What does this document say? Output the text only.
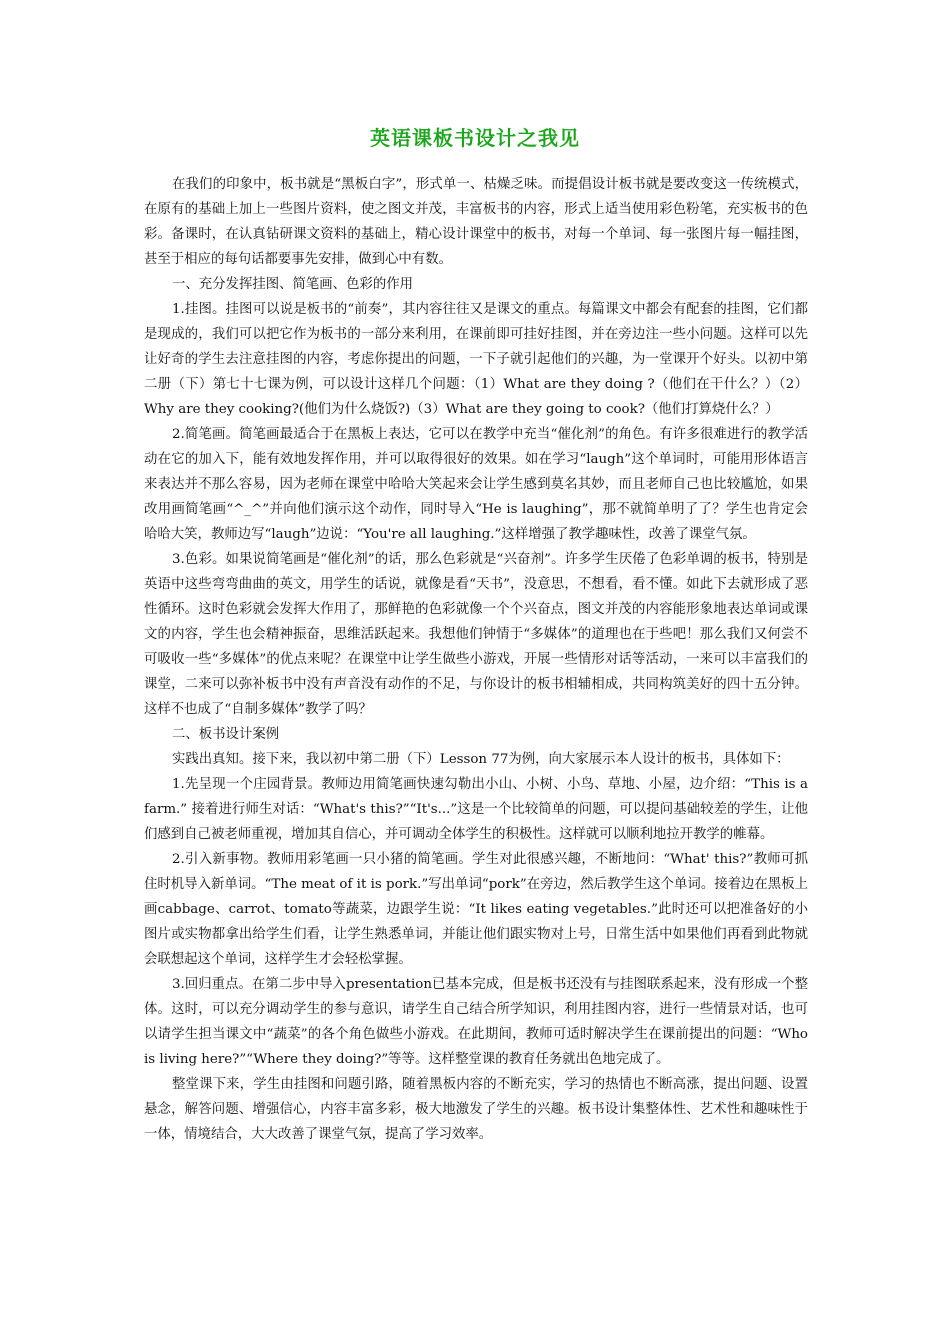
英语课板书设计之我见

在我们的印象中，板书就是“黑板白字”，形式单一、枯燥乏味。而提倡设计板书就是要改变这一传统模式，在原有的基础上加上一些图片资料，使之图文并茂，丰富板书的内容，形式上适当使用彩色粉笔，充实板书的色彩。备课时，在认真钻研课文资料的基础上，精心设计课堂中的板书，对每一个单词、每一张图片每一幅挂图，甚至于相应的每句话都要事先安排，做到心中有数。

一、充分发挥挂图、简笔画、色彩的作用

1.挂图。挂图可以说是板书的“前奏”，其内容往往又是课文的重点。每篇课文中都会有配套的挂图，它们都是现成的，我们可以把它作为板书的一部分来利用，在课前即可挂好挂图，并在旁边注一些小问题。这样可以先让好奇的学生去注意挂图的内容，考虑你提出的问题，一下子就引起他们的兴趣，为一堂课开个好头。以初中第二册（下）第七十七课为例，可以设计这样几个问题：（1）What are they doing ?（他们在干什么？）（2）Why are they cooking?(他们为什么烧饭?)（3）What are they going to cook?（他们打算烧什么？）

2.简笔画。简笔画最适合于在黑板上表达，它可以在教学中充当“催化剂”的角色。有许多很难进行的教学活动在它的加入下，能有效地发挥作用，并可以取得很好的效果。如在学习“laugh”这个单词时，可能用形体语言来表达并不那么容易，因为老师在课堂中哈哈大笑起来会让学生感到莫名其妙，而且老师自己也比较尴尬，如果改用画简笔画“^_^”并向他们演示这个动作，同时导入“He is laughing”，那不就简单明了了？学生也肯定会哈哈大笑，教师边写“laugh”边说：“You're all laughing.”这样增强了教学趣味性，改善了课堂气氛。

3.色彩。如果说简笔画是“催化剂”的话，那么色彩就是“兴奋剂”。许多学生厌倦了色彩单调的板书，特别是英语中这些弯弯曲曲的英文，用学生的话说，就像是看“天书”，没意思，不想看，看不懂。如此下去就形成了恶性循环。这时色彩就会发挥大作用了，那鲜艳的色彩就像一个个兴奋点，图文并茂的内容能形象地表达单词或课文的内容，学生也会精神振奋，思维活跃起来。我想他们钟情于“多媒体”的道理也在于些吧！那么我们又何尝不可吸收一些“多媒体”的优点来呢？在课堂中让学生做些小游戏，开展一些情形对话等活动，一来可以丰富我们的课堂，二来可以弥补板书中没有声音没有动作的不足，与你设计的板书相辅相成，共同构筑美好的四十五分钟。这样不也成了“自制多媒体”教学了吗？

二、板书设计案例

实践出真知。接下来，我以初中第二册（下）Lesson 77为例，向大家展示本人设计的板书，具体如下：

1.先呈现一个庄园背景。教师边用简笔画快速勾勒出小山、小树、小鸟、草地、小屋，边介绍：“This is a farm.” 接着进行师生对话：“What's this?”“It's...”这是一个比较简单的问题，可以提问基础较差的学生，让他们感到自己被老师重视，增加其自信心，并可调动全体学生的积极性。这样就可以顺利地拉开教学的帷幕。

2.引入新事物。教师用彩笔画一只小猪的简笔画。学生对此很感兴趣，不断地问：“What' this?”教师可抓住时机导入新单词。“The meat of it is pork.”写出单词“pork”在旁边，然后教学生这个单词。接着边在黑板上画cabbage、carrot、tomato等蔬菜，边跟学生说：“It likes eating vegetables.”此时还可以把准备好的小图片或实物都拿出给学生们看，让学生熟悉单词，并能让他们跟实物对上号，日常生活中如果他们再看到此物就会联想起这个单词，这样学生才会轻松掌握。

3.回归重点。在第二步中导入presentation已基本完成，但是板书还没有与挂图联系起来，没有形成一个整体。这时，可以充分调动学生的参与意识，请学生自己结合所学知识，利用挂图内容，进行一些情景对话，也可以请学生担当课文中“蔬菜”的各个角色做些小游戏。在此期间，教师可适时解决学生在课前提出的问题：“Who is living here?”“Where they doing?”等等。这样整堂课的教育任务就出色地完成了。

整堂课下来，学生由挂图和问题引路，随着黑板内容的不断充实，学习的热情也不断高涨，提出问题、设置悬念，解答问题、增强信心，内容丰富多彩，极大地激发了学生的兴趣。板书设计集整体性、艺术性和趣味性于一体，情境结合，大大改善了课堂气氛，提高了学习效率。
